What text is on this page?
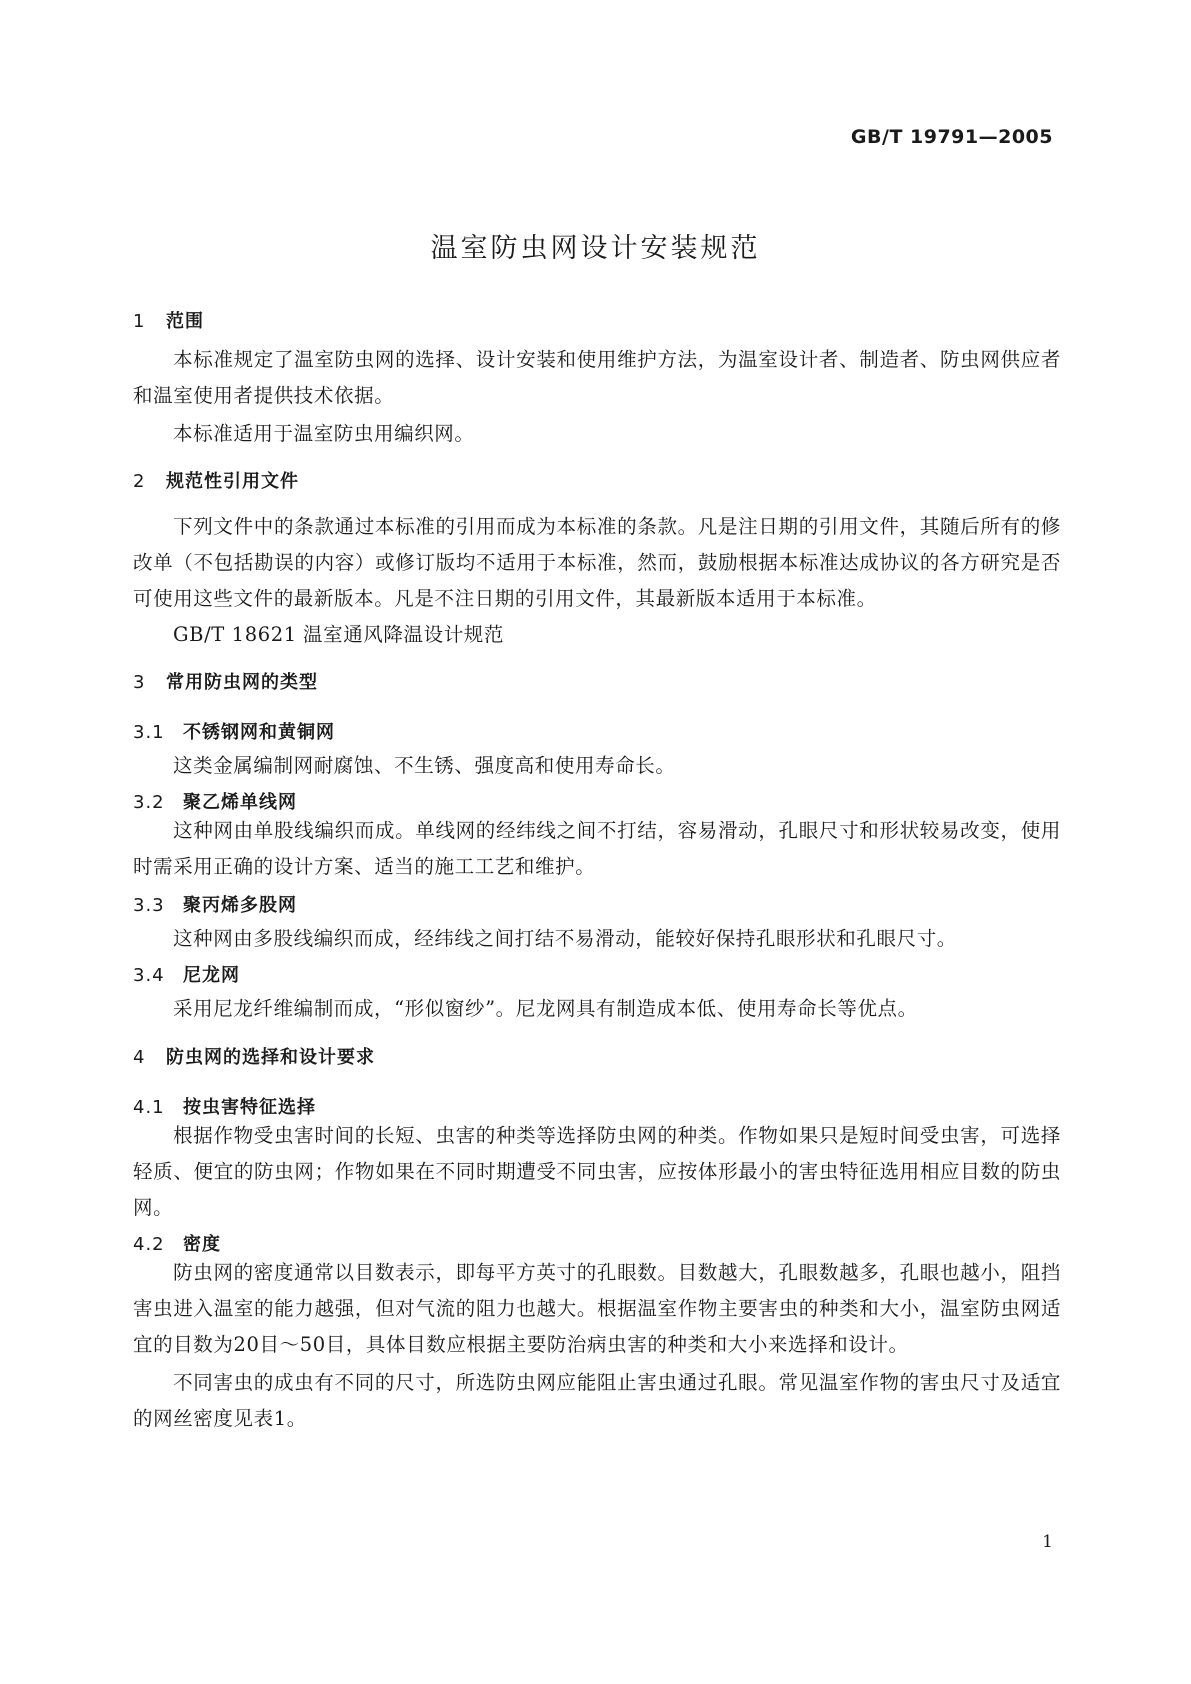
GB/T 19791—2005
温室防虫网设计安装规范
1 范围

本标准规定了温室防虫网的选择、设计安装和使用维护方法，为温室设计者、制造者、防虫网供应者和温室使用者提供技术依据。

本标准适用于温室防虫用编织网。
2 规范性引用文件

下列文件中的条款通过本标准的引用而成为本标准的条款。凡是注日期的引用文件，其随后所有的修改单（不包括勘误的内容）或修订版均不适用于本标准，然而，鼓励根据本标准达成协议的各方研究是否可使用这些文件的最新版本。凡是不注日期的引用文件，其最新版本适用于本标准。

GB/T 18621 温室通风降温设计规范
3 常用防虫网的类型
3.1 不锈钢网和黄铜网
这类金属编制网耐腐蚀、不生锈、强度高和使用寿命长。
3.2 聚乙烯单线网

这种网由单股线编织而成。单线网的经纬线之间不打结，容易滑动，孔眼尺寸和形状较易改变，使用时需采用正确的设计方案、适当的施工工艺和维护。

3.3 聚丙烯多股网
这种网由多股线编织而成，经纬线之间打结不易滑动，能较好保持孔眼形状和孔眼尺寸。
3.4 尼龙网
采用尼龙纤维编制而成，“形似窗纱”。尼龙网具有制造成本低、使用寿命长等优点。
4 防虫网的选择和设计要求
4.1 按虫害特征选择

根据作物受虫害时间的长短、虫害的种类等选择防虫网的种类。作物如果只是短时间受虫害，可选择轻质、便宜的防虫网；作物如果在不同时期遭受不同虫害，应按体形最小的害虫特征选用相应目数的防虫网。

4.2 密度

防虫网的密度通常以目数表示，即每平方英寸的孔眼数。目数越大，孔眼数越多，孔眼也越小，阻挡害虫进入温室的能力越强，但对气流的阻力也越大。根据温室作物主要害虫的种类和大小，温室防虫网适宜的目数为20目～50目，具体目数应根据主要防治病虫害的种类和大小来选择和设计。

不同害虫的成虫有不同的尺寸，所选防虫网应能阻止害虫通过孔眼。常见温室作物的害虫尺寸及适宜的网丝密度见表1。

1
